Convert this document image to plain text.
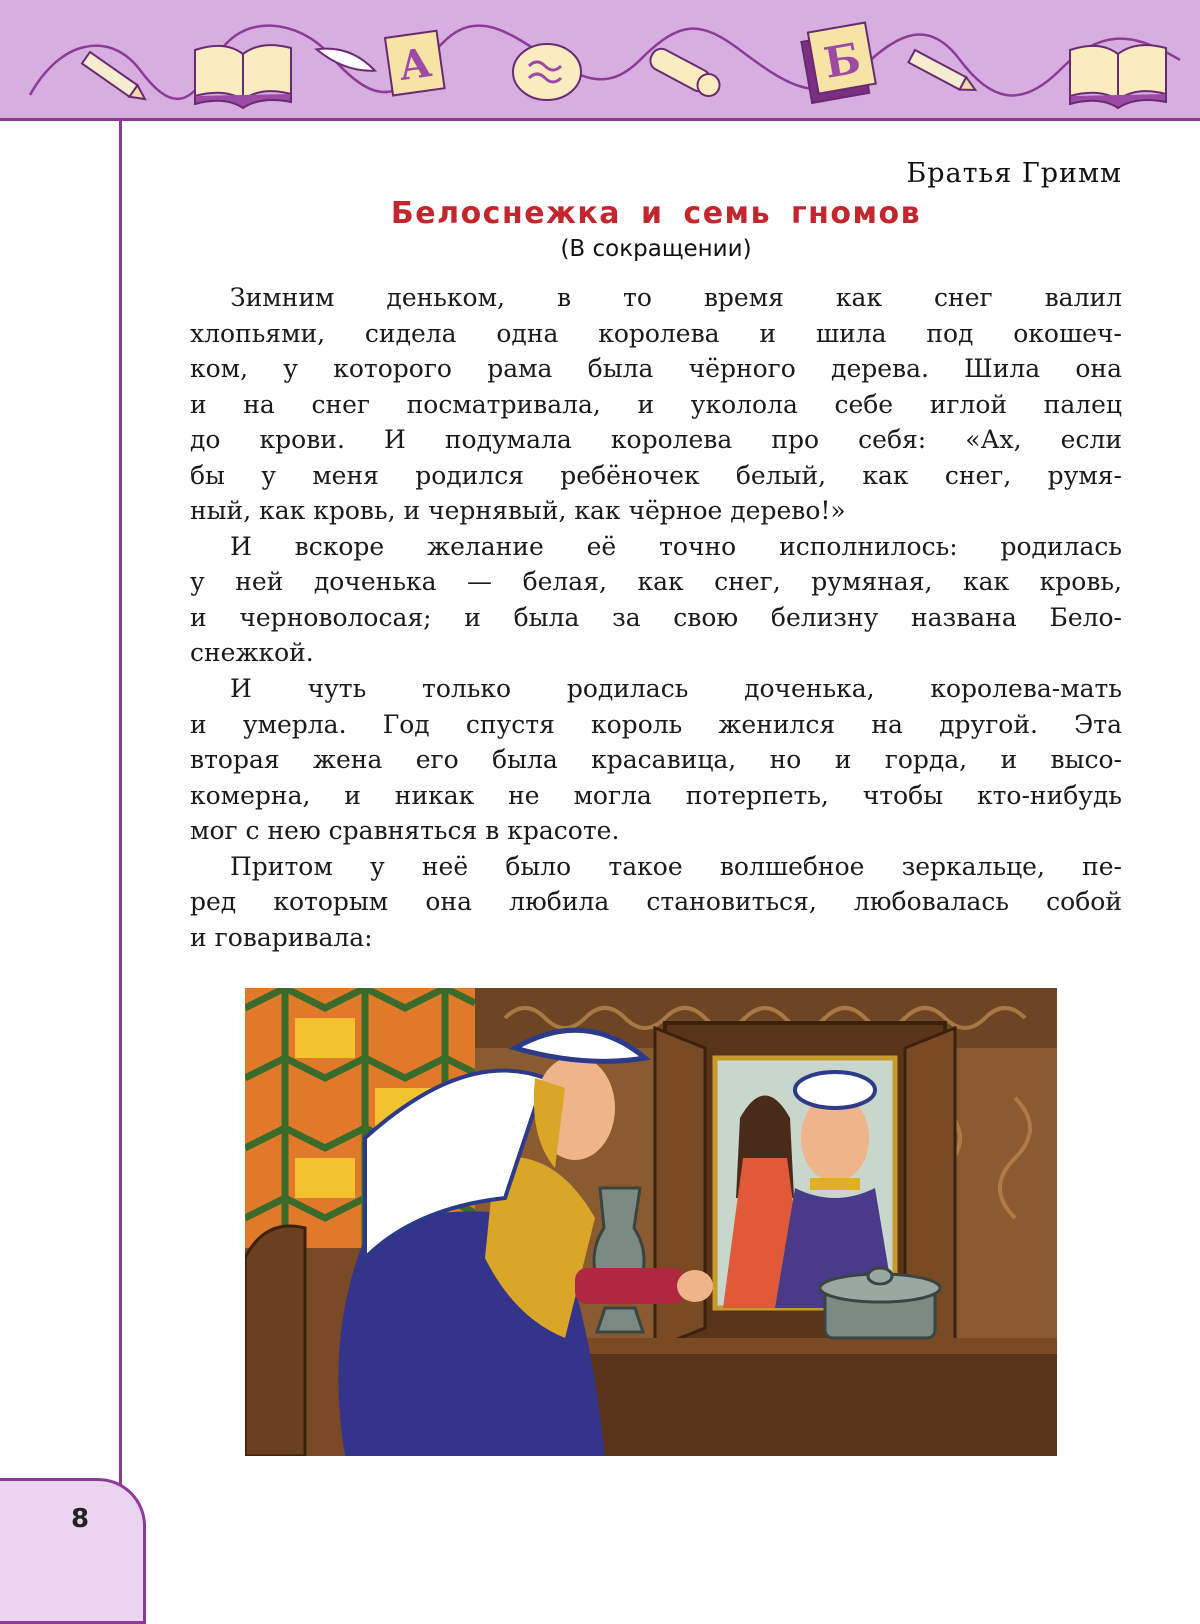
A	Б
Братья Гримм
Белоснежка и семь гномов
(В сокращении)
Зимним деньком, в то время как снег валил
хлопьями, сидела одна королева и шила под окошеч-
ком, у которого рама была чёрного дерева. Шила она
и на снег посматривала, и уколола себе иглой палец
до крови. И подумала королева про себя: «Ах, если
бы у меня родился ребёночек белый, как снег, румя-
ный, как кровь, и чернявый, как чёрное дерево!»
И вскоре желание её точно исполнилось: родилась
у ней доченька — белая, как снег, румяная, как кровь,
и черноволосая; и была за свою белизну названа Бело-
снежкой.
И чуть только родилась доченька, королева-мать
и умерла. Год спустя король женился на другой. Эта
вторая жена его была красавица, но и горда, и высо-
комерна, и никак не могла потерпеть, чтобы кто-нибудь
мог с нею сравняться в красоте.
Притом у неё было такое волшебное зеркальце, пе-
ред которым она любила становиться, любовалась собой
и говаривала:
8
